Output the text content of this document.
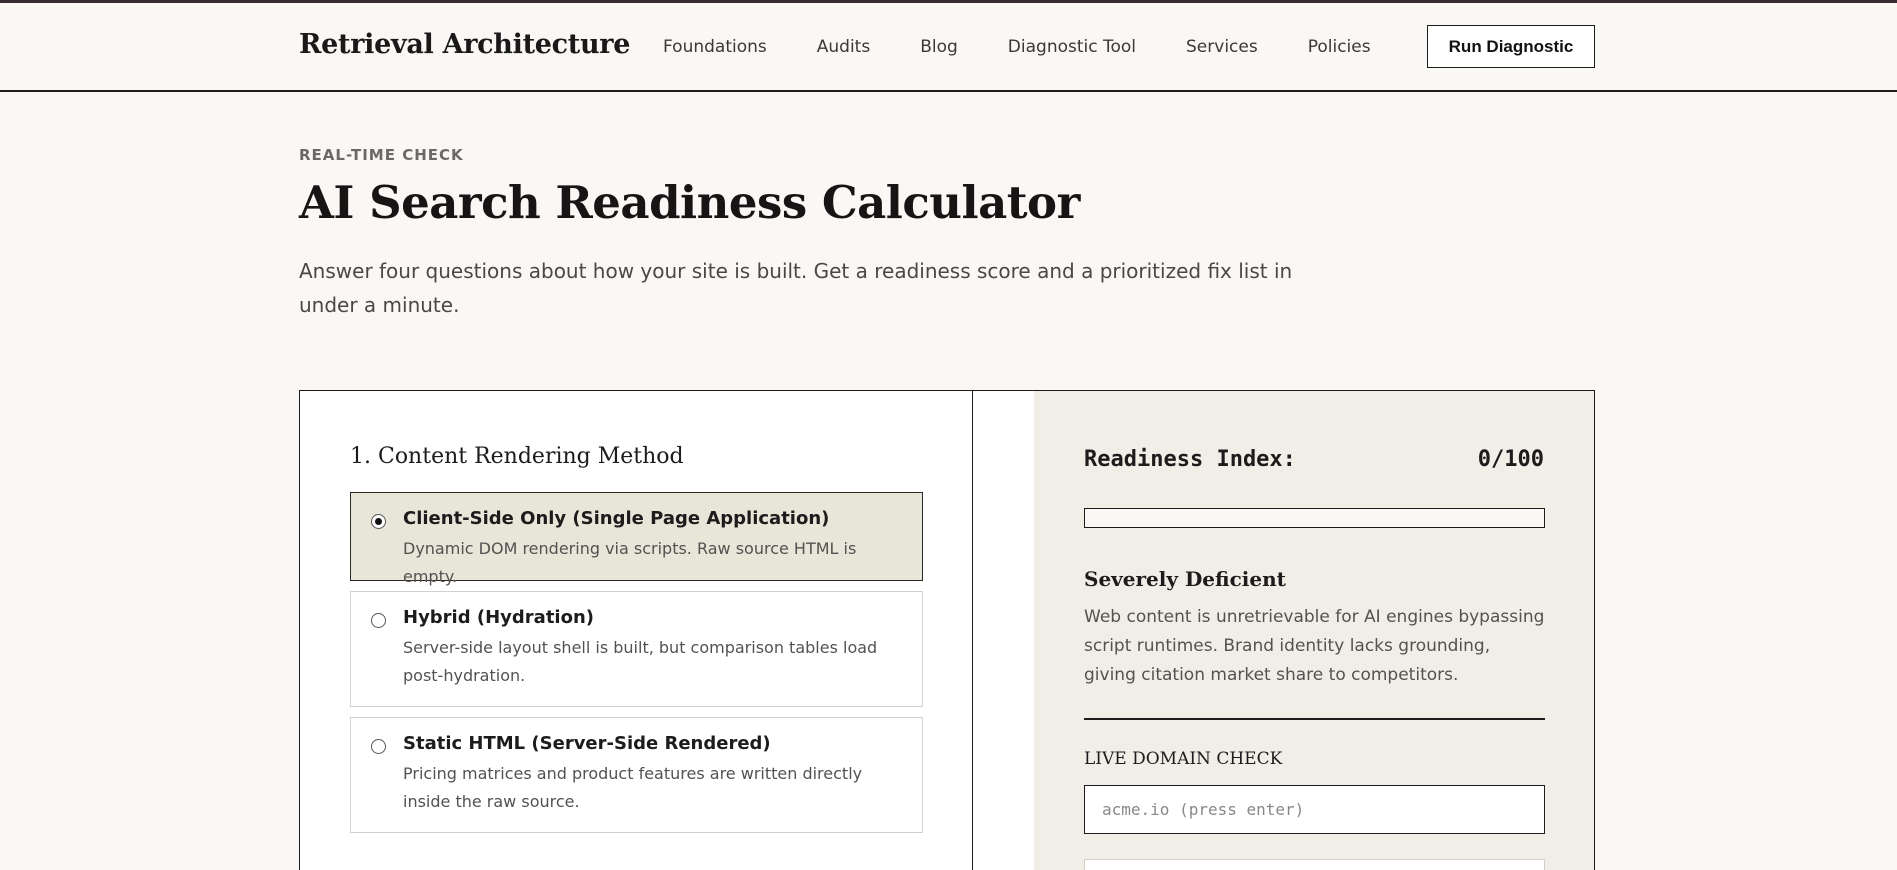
Retrieval Architecture Foundations	Audits	Blog	Diagnostic Tool	Services	Policies	Run Diagnostic
REAL-TIME CHECK
AI Search Readiness Calculator

Answer four questions about how your site is built. Get a readiness score and a prioritized fix list in under a minute.

1. Content Rendering Method
Client-Side Only (Single Page Application)
Dynamic DOM rendering via scripts. Raw source HTML is empty.
Hybrid (Hydration)
Server-side layout shell is built, but comparison tables load post-hydration.
Static HTML (Server-Side Rendered)
Pricing matrices and product features are written directly inside the raw source.
Readiness Index:	0/100
Severely Deficient
Web content is unretrievable for AI engines bypassing script runtimes. Brand identity lacks grounding, giving citation market share to competitors.
LIVE DOMAIN CHECK
acme.io (press enter)
